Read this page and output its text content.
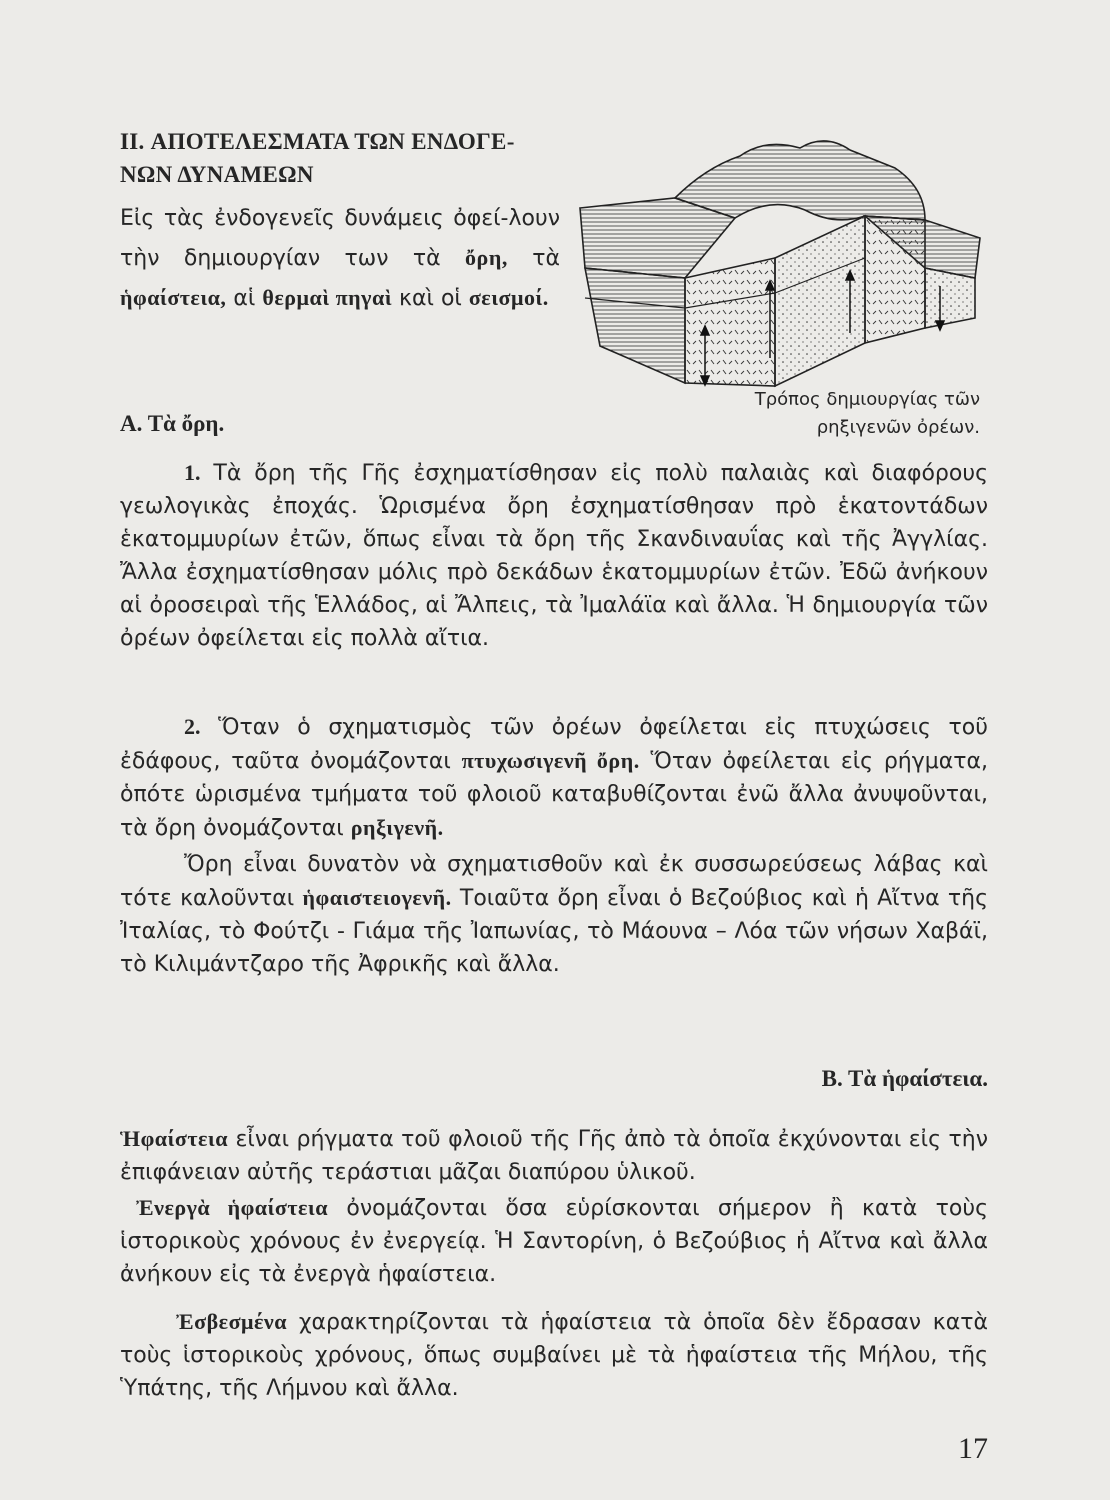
II. ΑΠΟΤΕΛΕΣΜΑΤΑ ΤΩΝ ΕΝΔΟΓΕ-
ΝΩΝ ΔΥΝΑΜΕΩΝ
Εἰς τὰς ἐνδογενεῖς δυνάμεις ὀφεί-λουν τὴν δημιουργίαν των τὰ ὄρη, τὰ ἡφαίστεια, αἱ θερμαὶ πηγαὶ καὶ οἱ σεισμοί.
Τρόπος δημιουργίας τῶν
ρηξιγενῶν ὀρέων.
Α. Τὰ ὄρη.
1. Τὰ ὄρη τῆς Γῆς ἐσχηματίσθησαν εἰς πολὺ παλαιὰς καὶ διαφόρους γεωλογικὰς ἐποχάς. Ὡρισμένα ὄρη ἐσχηματίσθησαν πρὸ ἑκατοντάδων ἑκατομμυρίων ἐτῶν, ὅπως εἶναι τὰ ὄρη τῆς Σκανδιναυΐας καὶ τῆς Ἀγγλίας. Ἄλλα ἐσχηματίσθησαν μόλις πρὸ δεκάδων ἑκατομμυρίων ἐτῶν. Ἐδῶ ἀνήκουν αἱ ὀροσειραὶ τῆς Ἑλλάδος, αἱ Ἄλπεις, τὰ Ἰμαλάϊα καὶ ἄλλα. Ἡ δημιουργία τῶν ὀρέων ὀφείλεται εἰς πολλὰ αἴτια.
2. Ὅταν ὁ σχηματισμὸς τῶν ὀρέων ὀφείλεται εἰς πτυχώσεις τοῦ ἐδάφους, ταῦτα ὀνομάζονται πτυχωσιγενῆ ὄρη. Ὅταν ὀφείλεται εἰς ρήγματα, ὁπότε ὡρισμένα τμήματα τοῦ φλοιοῦ καταβυθίζονται ἐνῶ ἄλλα ἀνυψοῦνται, τὰ ὄρη ὀνομάζονται ρηξιγενῆ.
Ὄρη εἶναι δυνατὸν νὰ σχηματισθοῦν καὶ ἐκ συσσωρεύσεως λάβας καὶ τότε καλοῦνται ἡφαιστειογενῆ. Τοιαῦτα ὄρη εἶναι ὁ Βεζούβιος καὶ ἡ Αἴτνα τῆς Ἰταλίας, τὸ Φούτζι - Γιάμα τῆς Ἰαπωνίας, τὸ Μάουνα – Λόα τῶν νήσων Χαβάϊ, τὸ Κιλιμάντζαρο τῆς Ἀφρικῆς καὶ ἄλλα.
Β. Τὰ ἡφαίστεια.
Ἡφαίστεια εἶναι ρήγματα τοῦ φλοιοῦ τῆς Γῆς ἀπὸ τὰ ὁποῖα ἐκχύνονται εἰς τὴν ἐπιφάνειαν αὐτῆς τεράστιαι μᾶζαι διαπύρου ὑλικοῦ.
Ἐνεργὰ ἡφαίστεια ὀνομάζονται ὅσα εὑρίσκονται σήμερον ἢ κατὰ τοὺς ἱστορικοὺς χρόνους ἐν ἐνεργείᾳ. Ἡ Σαντορίνη, ὁ Βεζούβιος ἡ Αἴτνα καὶ ἄλλα ἀνήκουν εἰς τὰ ἐνεργὰ ἡφαίστεια.
Ἐσβεσμένα χαρακτηρίζονται τὰ ἡφαίστεια τὰ ὁποῖα δὲν ἔδρασαν κατὰ τοὺς ἱστορικοὺς χρόνους, ὅπως συμβαίνει μὲ τὰ ἡφαίστεια τῆς Μήλου, τῆς Ὑπάτης, τῆς Λήμνου καὶ ἄλλα.
17
